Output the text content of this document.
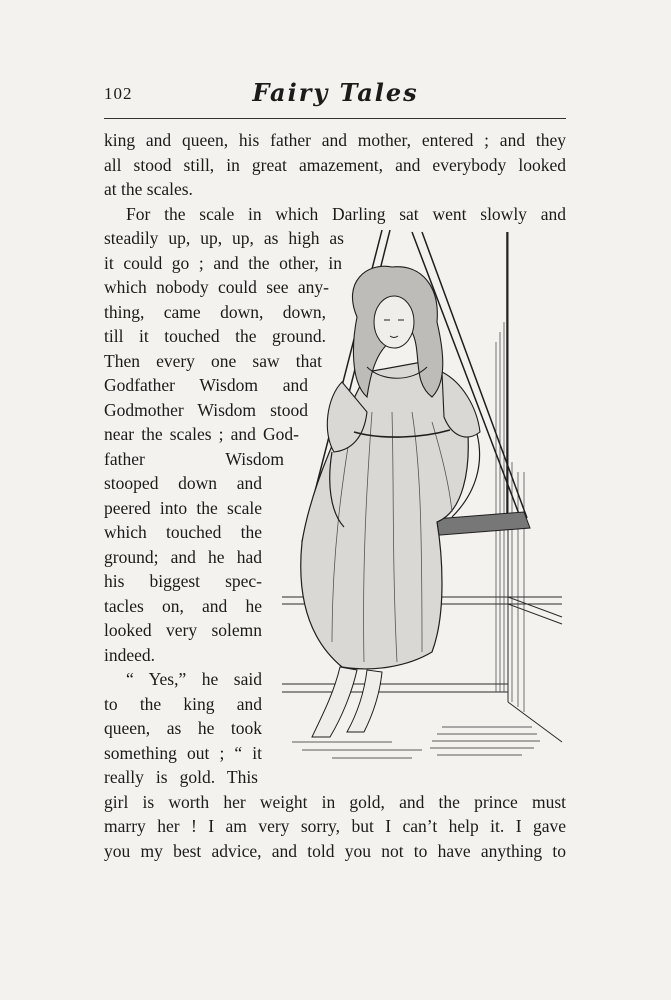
102	Fairy Tales
king and queen, his father and mother, entered ; and they
all stood still, in great amazement, and everybody looked
at the scales.
For the scale in which Darling sat went slowly and
steadily up, up, up, as high as
it could go ; and the other, in
which nobody could see any-
thing, came down, down,
till it touched the ground.
Then every one saw that
Godfather Wisdom and
Godmother Wisdom stood
near the scales ; and God-
father Wisdom
stooped down and
peered into the scale
which touched the
ground; and he had
his biggest spec-
tacles on, and he
looked very solemn
indeed.
“ Yes,” he said
to the king and
queen, as he took
something out ; “ it
really is gold. This
girl is worth her weight in gold, and the prince must
marry her ! I am very sorry, but I can’t help it. I gave
you my best advice, and told you not to have anything to
